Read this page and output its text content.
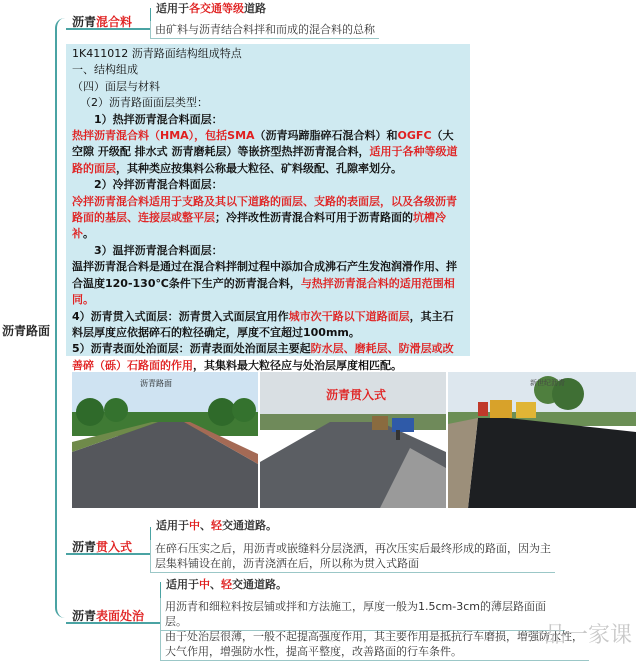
沥青路面
沥青混合料
适用于各交通等级道路
由矿料与沥青结合料拌和而成的混合料的总称

1K411012 沥青路面结构组成特点

一、结构组成

（四）面层与材料

（2）沥青路面面层类型：

1）热拌沥青混合料面层：

热拌沥青混合料（HMA），包括SMA（沥青玛蹄脂碎石混合料）和OGFC（大空隙 开级配 排水式 沥青磨耗层）等嵌挤型热拌沥青混合料，适用于各种等级道路的面层，其种类应按集料公称最大粒径、矿料级配、孔隙率划分。

2）冷拌沥青混合料面层：

冷拌沥青混合料适用于支路及其以下道路的面层、支路的表面层，以及各级沥青路面的基层、连接层或整平层；冷拌改性沥青混合料可用于沥青路面的坑槽冷补。

3）温拌沥青混合料面层：

温拌沥青混合料是通过在混合料拌制过程中添加合成沸石产生发泡润滑作用、拌合温度120-130℃条件下生产的沥青混合料，与热拌沥青混合料的适用范围相同。

4）沥青贯入式面层：沥青贯入式面层宜用作城市次干路以下道路面层，其主石料层厚度应依据碎石的粒径确定，厚度不宜超过100mm。

5）沥青表面处治面层：沥青表面处治面层主要起防水层、磨耗层、防滑层或改善碎（砾）石路面的作用，其集料最大粒径应与处治层厚度相匹配。

沥青路面
沥青贯入式
新世纪沥青
沥青贯入式
适用于中、轻交通道路。
在碎石压实之后，用沥青或嵌缝料分层浇洒，再次压实后最终形成的路面，因为主层集料铺设在前，沥青浇洒在后，所以称为贯入式路面
沥青表面处治
适用于中、轻交通道路。
用沥青和细粒料按层铺或拌和方法施工，厚度一般为1.5cm-3cm的薄层路面面层。
由于处治层很薄，一般不起提高强度作用，其主要作用是抵抗行车磨损，增强防水性，大气作用，增强防水性，提高平整度，改善路面的行车条件。
一品一家课
